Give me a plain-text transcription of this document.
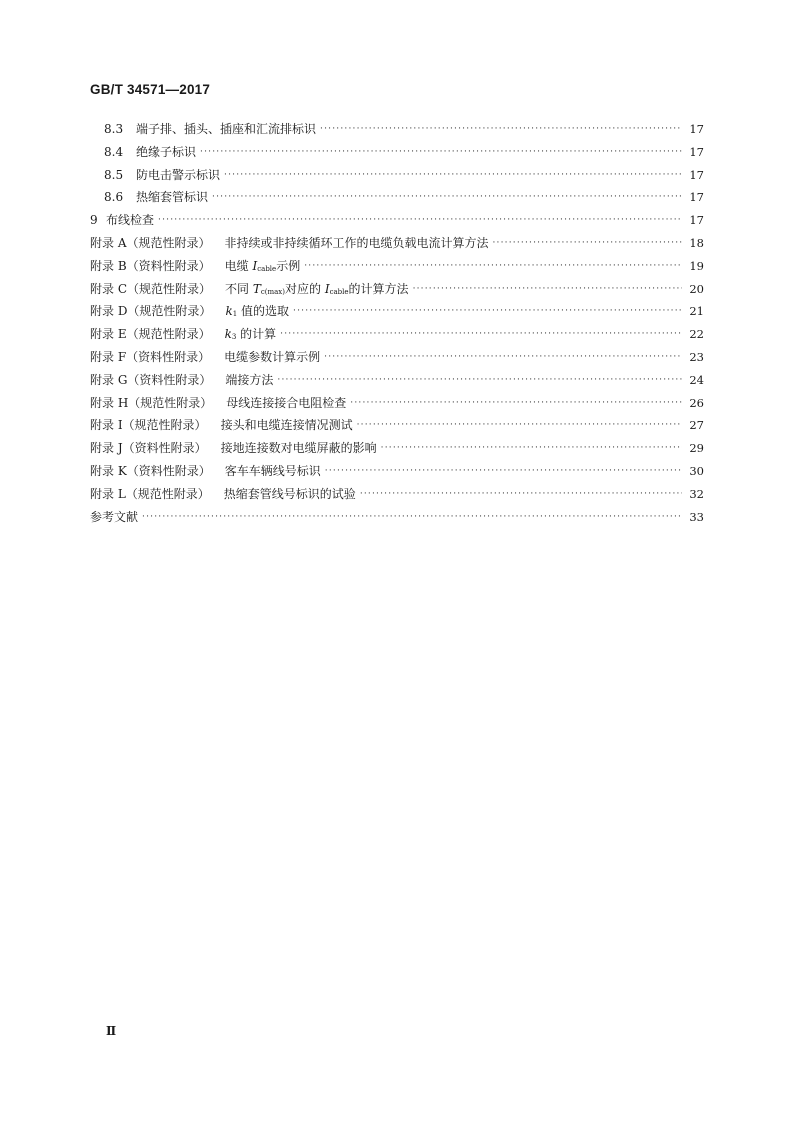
GB/T 34571—2017
8.3	端子排、插头、插座和汇流排标识 ·····	17
8.4	绝缘子标识 ·····	17
8.5	防电击警示标识 ·····	17
8.6	热缩套管标识 ·····	17
9 布线检查 ·····	17
附录 A（规范性附录） 非持续或非持续循环工作的电缆负载电流计算方法 ·····	18
附录 B（资料性附录） 电缆 $I_{cable}$示例 ·····	19
附录 C（规范性附录） 不同 $T_{c(max)}$对应的 $I_{cable}$的计算方法 ·····	20
附录 D（规范性附录） $k_1$ 值的选取 ·····	21
附录 E（规范性附录） $k_3$ 的计算 ·····	22
附录 F（资料性附录） 电缆参数计算示例 ·····	23
附录 G（资料性附录） 端接方法 ·····	24
附录 H（规范性附录） 母线连接接合电阻检查 ·····	26
附录 I（规范性附录） 接头和电缆连接情况测试 ·····	27
附录 J（资料性附录） 接地连接数对电缆屏蔽的影响 ·····	29
附录 K（资料性附录） 客车车辆线号标识 ·····	30
附录 L（规范性附录） 热缩套管线号标识的试验 ·····	32
参考文献 ·····	33
Ⅱ
